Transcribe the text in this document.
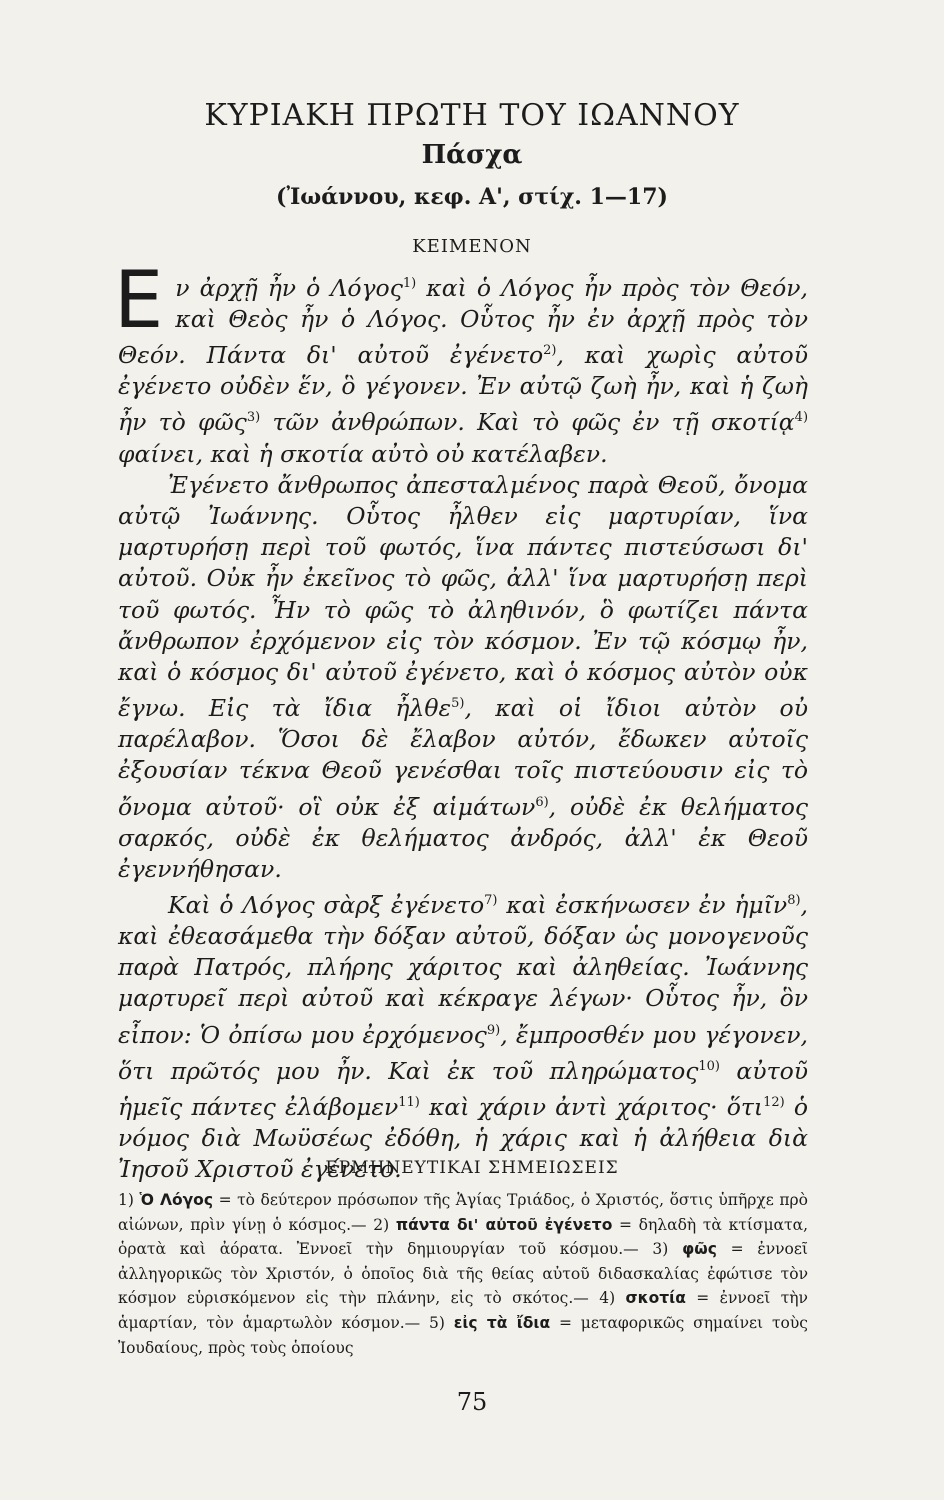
ΚΥΡΙΑΚΗ ΠΡΩΤΗ ΤΟΥ ΙΩΑΝΝΟΥ
Πάσχα
(Ἰωάννου, κεφ. Α', στίχ. 1—17)
ΚΕΙΜΕΝΟΝ

Εν ἀρχῇ ἦν ὁ Λόγος$^{1)}$ καὶ ὁ Λόγος ἦν πρὸς τὸν Θεόν, καὶ Θεὸς ἦν ὁ Λόγος. Οὗτος ἦν ἐν ἀρχῇ πρὸς τὸν Θεόν. Πάντα δι' αὐτοῦ ἐγένετο$^{2)}$, καὶ χωρὶς αὐτοῦ ἐγένετο οὐδὲν ἕν, ὃ γέγονεν. Ἐν αὐτῷ ζωὴ ἦν, καὶ ἡ ζωὴ ἦν τὸ φῶς$^{3)}$ τῶν ἀνθρώπων. Καὶ τὸ φῶς ἐν τῇ σκοτίᾳ$^{4)}$ φαίνει, καὶ ἡ σκοτία αὐτὸ οὐ κατέλαβεν.

Ἐγένετο ἄνθρωπος ἀπεσταλμένος παρὰ Θεοῦ, ὄνομα αὐτῷ Ἰωάννης. Οὗτος ἦλθεν εἰς μαρτυρίαν, ἵνα μαρτυρήσῃ περὶ τοῦ φωτός, ἵνα πάντες πιστεύσωσι δι' αὐτοῦ. Οὐκ ἦν ἐκεῖνος τὸ φῶς, ἀλλ' ἵνα μαρτυρήσῃ περὶ τοῦ φωτός. Ἦν τὸ φῶς τὸ ἀληθινόν, ὃ φωτίζει πάντα ἄνθρωπον ἐρχόμενον εἰς τὸν κόσμον. Ἐν τῷ κόσμῳ ἦν, καὶ ὁ κόσμος δι' αὐτοῦ ἐγένετο, καὶ ὁ κόσμος αὐτὸν οὐκ ἔγνω. Εἰς τὰ ἴδια ἦλθε$^{5)}$, καὶ οἱ ἴδιοι αὐτὸν οὐ παρέλαβον. Ὅσοι δὲ ἔλαβον αὐτόν, ἔδωκεν αὐτοῖς ἐξουσίαν τέκνα Θεοῦ γενέσθαι τοῖς πιστεύουσιν εἰς τὸ ὄνομα αὐτοῦ· οἳ οὐκ ἐξ αἱμάτων$^{6)}$, οὐδὲ ἐκ θελήματος σαρκός, οὐδὲ ἐκ θελήματος ἀνδρός, ἀλλ' ἐκ Θεοῦ ἐγεννήθησαν.

Καὶ ὁ Λόγος σὰρξ ἐγένετο$^{7)}$ καὶ ἐσκήνωσεν ἐν ἡμῖν$^{8)}$, καὶ ἐθεασάμεθα τὴν δόξαν αὐτοῦ, δόξαν ὡς μονογενοῦς παρὰ Πατρός, πλήρης χάριτος καὶ ἀληθείας. Ἰωάννης μαρτυρεῖ περὶ αὐτοῦ καὶ κέκραγε λέγων· Οὗτος ἦν, ὃν εἶπον: Ὁ ὀπίσω μου ἐρχόμενος$^{9)}$, ἔμπροσθέν μου γέγονεν, ὅτι πρῶτός μου ἦν. Καὶ ἐκ τοῦ πληρώματος$^{10)}$ αὐτοῦ ἡμεῖς πάντες ἐλάβομεν$^{11)}$ καὶ χάριν ἀντὶ χάριτος· ὅτι$^{12)}$ ὁ νόμος διὰ Μωϋσέως ἐδόθη, ἡ χάρις καὶ ἡ ἀλήθεια διὰ Ἰησοῦ Χριστοῦ ἐγένετο.

ΕΡΜΗΝΕΥΤΙΚΑΙ ΣΗΜΕΙΩΣΕΙΣ
1) Ὁ Λόγος = τὸ δεύτερον πρόσωπον τῆς Ἁγίας Τριάδος, ὁ Χριστός, ὅστις ὑπῆρχε πρὸ αἰώνων, πρὶν γίνῃ ὁ κόσμος.— 2) πάντα δι' αὐτοῦ ἐγένετο = δηλαδὴ τὰ κτίσματα, ὁρατὰ καὶ ἀόρατα. Ἐννοεῖ τὴν δημιουργίαν τοῦ κόσμου.— 3) φῶς = ἐννοεῖ ἀλληγορικῶς τὸν Χριστόν, ὁ ὁποῖος διὰ τῆς θείας αὐτοῦ διδασκαλίας ἐφώτισε τὸν κόσμον εὑρισκόμενον εἰς τὴν πλάνην, εἰς τὸ σκότος.— 4) σκοτία = ἐννοεῖ τὴν ἁμαρτίαν, τὸν ἁμαρτωλὸν κόσμον.— 5) εἰς τὰ ἴδια = μεταφορικῶς σημαίνει τοὺς Ἰουδαίους, πρὸς τοὺς ὁποίους
75
